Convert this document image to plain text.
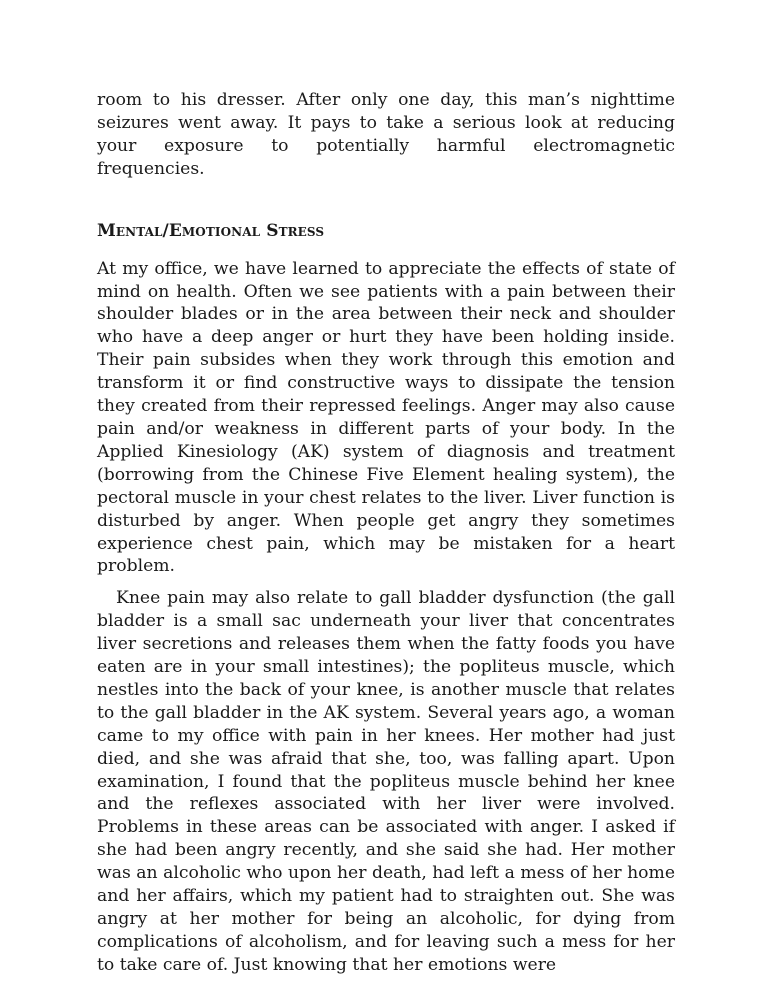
room to his dresser. After only one day, this man’s nighttime seizures went away. It pays to take a serious look at reducing your exposure to potentially harmful electromagnetic frequencies.

Mental/Emotional Stress

At my office, we have learned to appreciate the effects of state of mind on health. Often we see patients with a pain between their shoulder blades or in the area between their neck and shoulder who have a deep anger or hurt they have been holding inside. Their pain subsides when they work through this emotion and transform it or find constructive ways to dissipate the tension they created from their repressed feelings. Anger may also cause pain and/or weakness in different parts of your body. In the Applied Kinesiology (AK) system of diagnosis and treatment (borrowing from the Chinese Five Element healing system), the pectoral muscle in your chest relates to the liver. Liver function is disturbed by anger. When people get angry they sometimes experience chest pain, which may be mistaken for a heart problem.

Knee pain may also relate to gall bladder dysfunction (the gall bladder is a small sac underneath your liver that concentrates liver secretions and releases them when the fatty foods you have eaten are in your small intestines); the popliteus muscle, which nestles into the back of your knee, is another muscle that relates to the gall bladder in the AK system. Several years ago, a woman came to my office with pain in her knees. Her mother had just died, and she was afraid that she, too, was falling apart. Upon examination, I found that the popliteus muscle behind her knee and the reflexes associated with her liver were involved. Problems in these areas can be associated with anger. I asked if she had been angry recently, and she said she had. Her mother was an alcoholic who upon her death, had left a mess of her home and her affairs, which my patient had to straighten out. She was angry at her mother for being an alcoholic, for dying from complications of alcoholism, and for leaving such a mess for her to take care of. Just knowing that her emotions were
